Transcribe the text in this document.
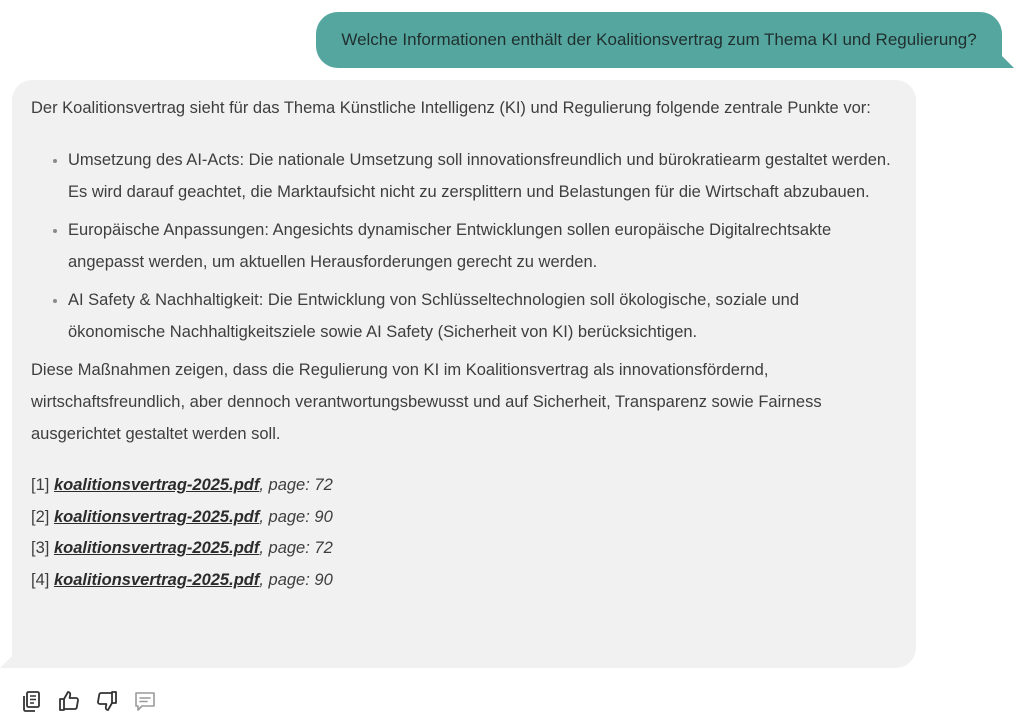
Welche Informationen enthält der Koalitionsvertrag zum Thema KI und Regulierung?

Der Koalitionsvertrag sieht für das Thema Künstliche Intelligenz (KI) und Regulierung folgende zentrale Punkte vor:

• Umsetzung des AI-Acts: Die nationale Umsetzung soll innovationsfreundlich und bürokratiearm gestaltet werden. Es wird darauf geachtet, die Marktaufsicht nicht zu zersplittern und Belastungen für die Wirtschaft abzubauen.
• Europäische Anpassungen: Angesichts dynamischer Entwicklungen sollen europäische Digitalrechtsakte angepasst werden, um aktuellen Herausforderungen gerecht zu werden.
• AI Safety & Nachhaltigkeit: Die Entwicklung von Schlüsseltechnologien soll ökologische, soziale und ökonomische Nachhaltigkeitsziele sowie AI Safety (Sicherheit von KI) berücksichtigen.

Diese Maßnahmen zeigen, dass die Regulierung von KI im Koalitionsvertrag als innovationsfördernd, wirtschaftsfreundlich, aber dennoch verantwortungsbewusst und auf Sicherheit, Transparenz sowie Fairness ausgerichtet gestaltet werden soll.

[1] koalitionsvertrag-2025.pdf, page: 72
[2] koalitionsvertrag-2025.pdf, page: 90
[3] koalitionsvertrag-2025.pdf, page: 72
[4] koalitionsvertrag-2025.pdf, page: 90
